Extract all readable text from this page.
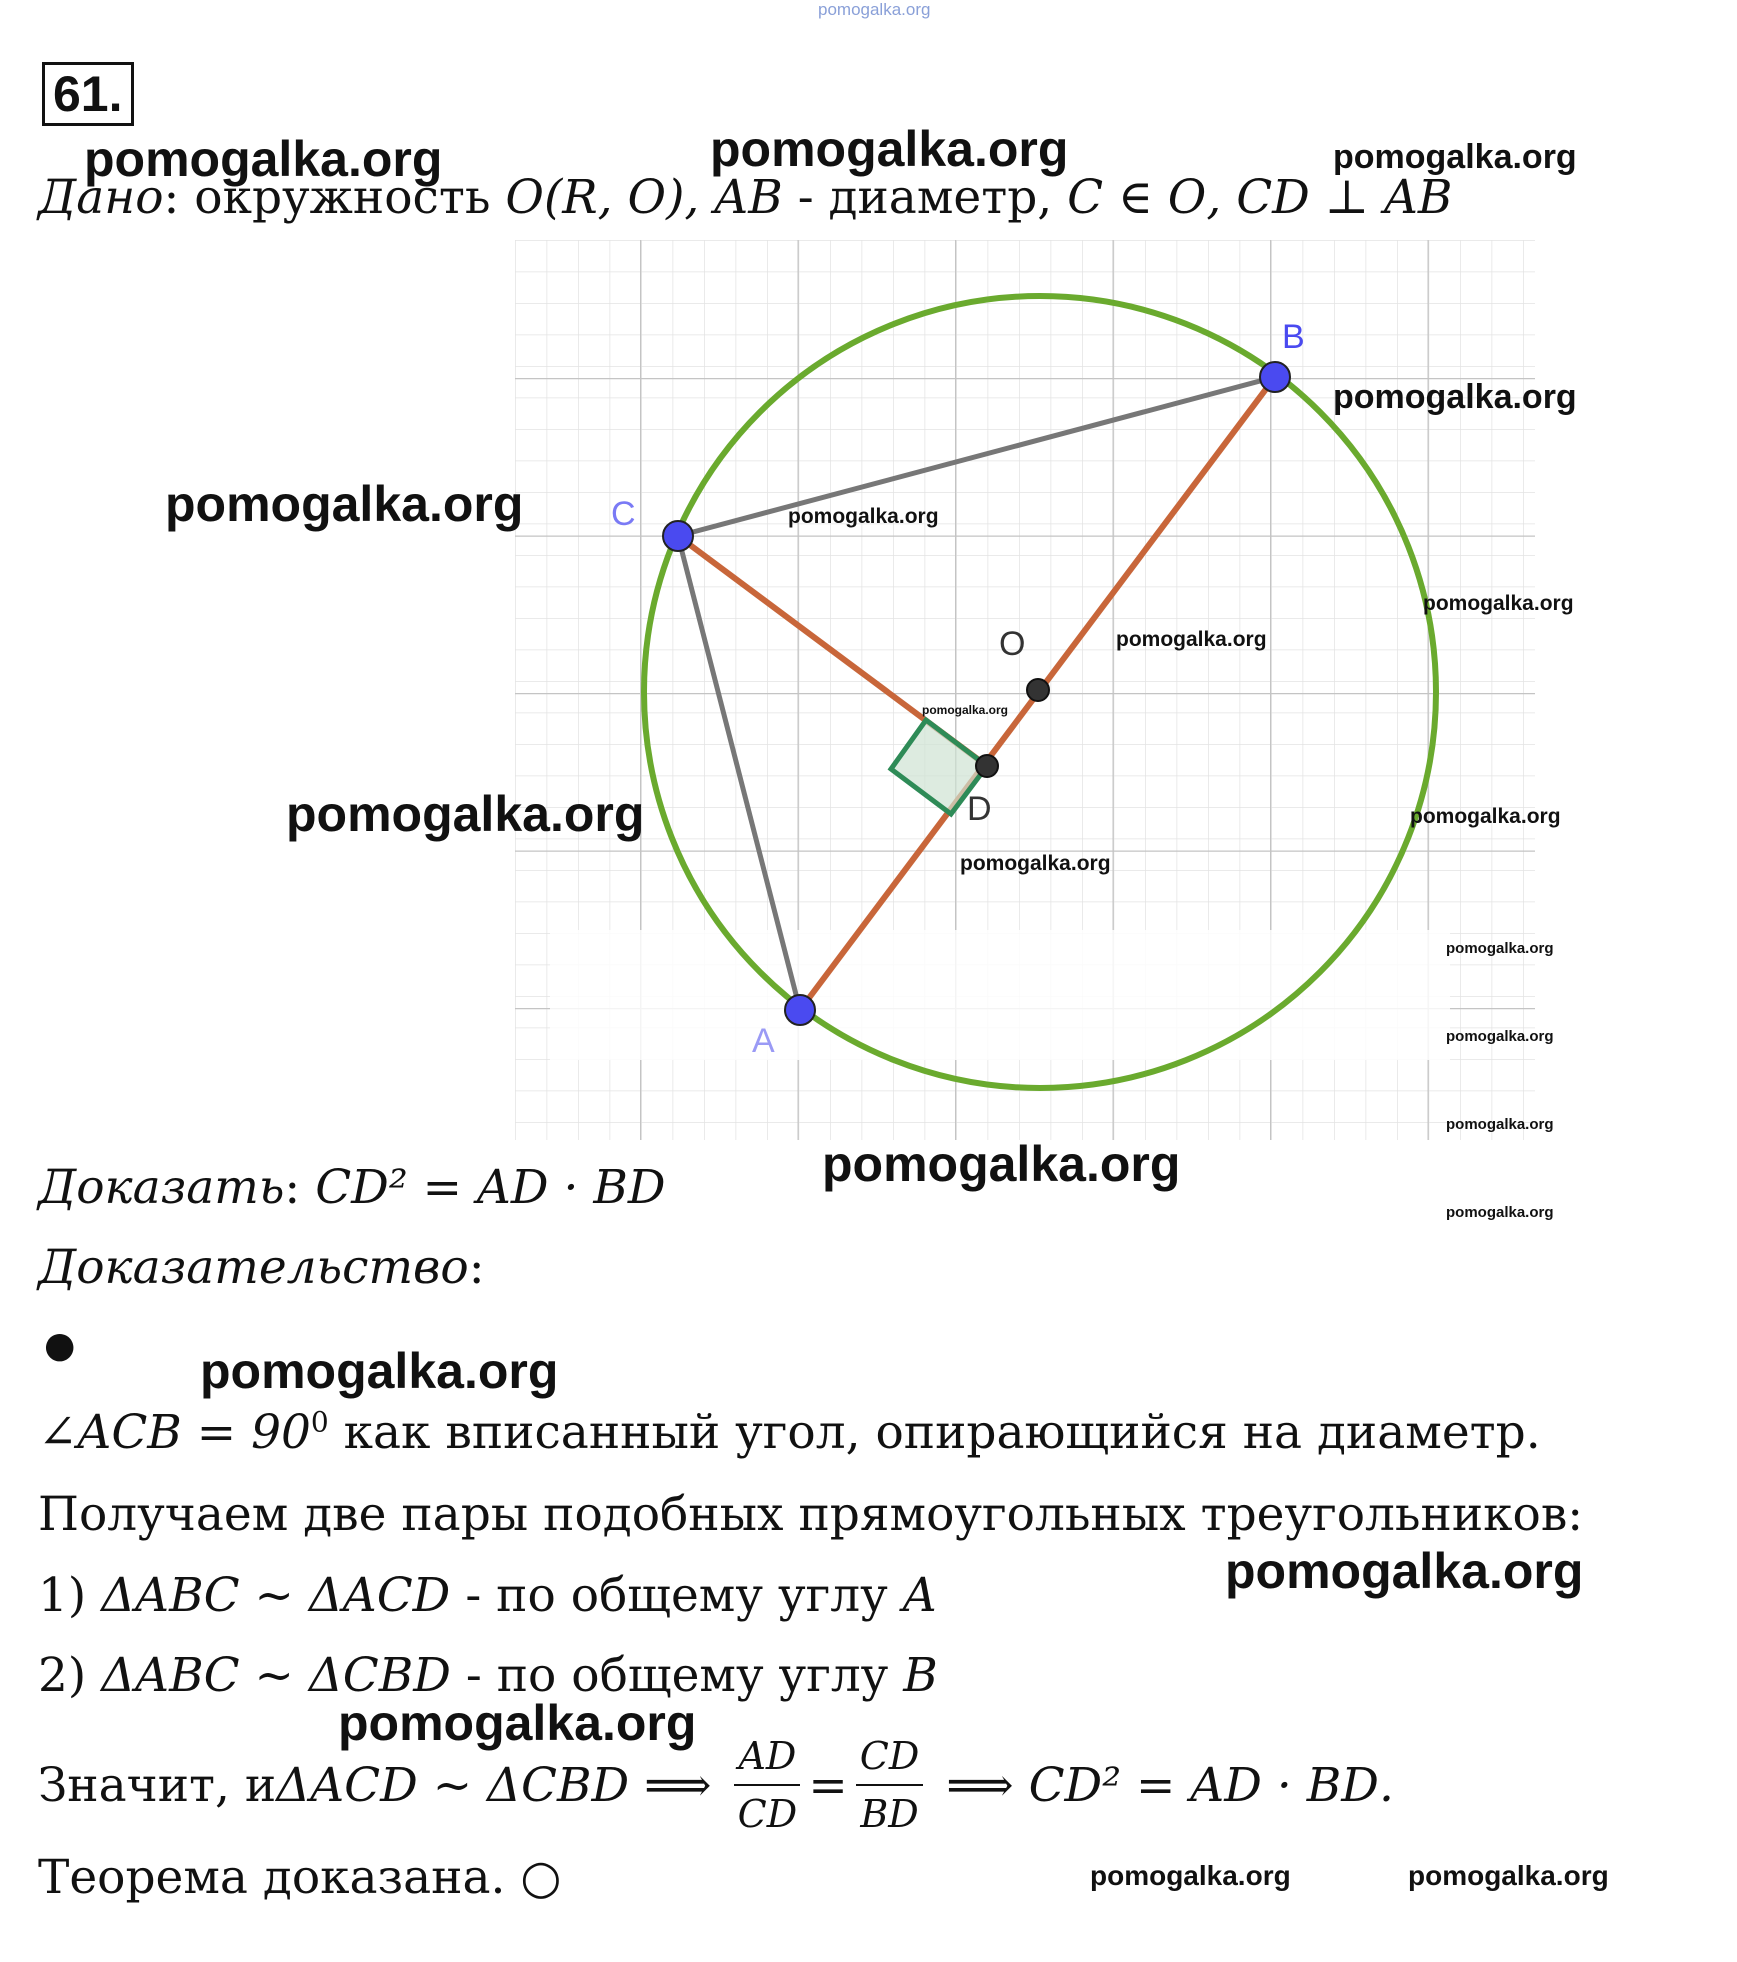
pomogalka.org
61.
pomogalka.org	pomogalka.org	pomogalka.org
Дано: окружность 𝑂(𝑅, 𝑂), 𝐴𝐵 - диаметр, 𝐶 ∈ 𝑂, 𝐶𝐷 ⊥ 𝐴𝐵
B
C
A
O
D
pomogalka.org
pomogalka.org	pomogalka.org
pomogalka.org
pomogalka.org
pomogalka.org
pomogalka.org	pomogalka.org
pomogalka.org
pomogalka.org
pomogalka.org
pomogalka.org
pomogalka.org
pomogalka.org
Доказать: 𝐶𝐷² = 𝐴𝐷 · 𝐵𝐷
Доказательство:
● pomogalka.org
∠𝐴𝐶𝐵 = $90^0$ как вписанный угол, опирающийся на диаметр.
Получаем две пары подобных прямоугольных треугольников:
pomogalka.org
1) Δ𝐴𝐵𝐶 ~ Δ𝐴𝐶𝐷 - по общему углу 𝐴
2) Δ𝐴𝐵𝐶 ~ Δ𝐶𝐵𝐷 - по общему углу 𝐵
pomogalka.org
Значит, и Δ𝐴𝐶𝐷 ~ Δ𝐶𝐵𝐷 ⟹ $\frac{\text{𝐴𝐷}}{\text{𝐶𝐷}} = \frac{\text{𝐶𝐷}}{\text{𝐵𝐷}}$ ⟹ 𝐶𝐷² = 𝐴𝐷 · 𝐵𝐷.
Теорема доказана. ○	pomogalka.org	pomogalka.org
